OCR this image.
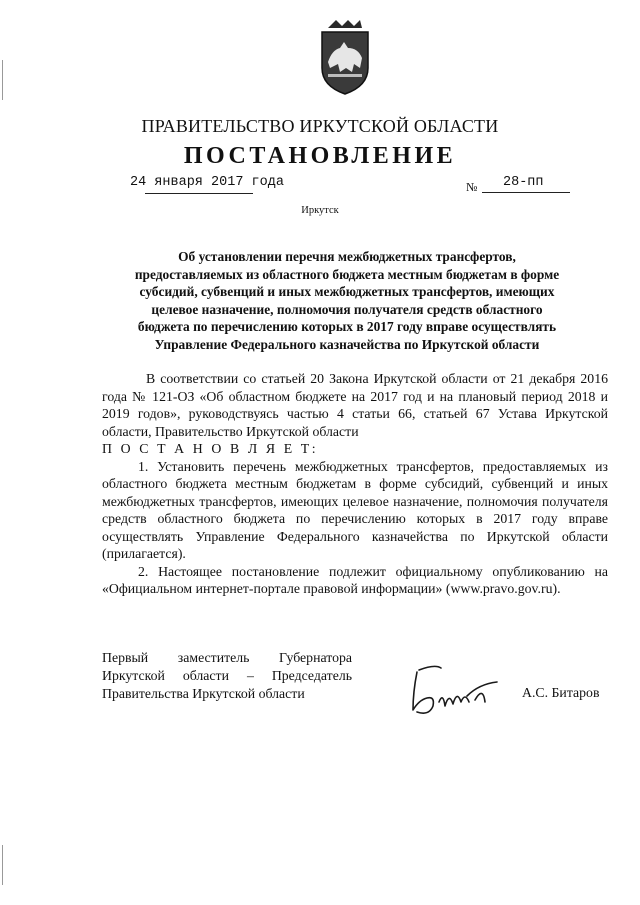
ПРАВИТЕЛЬСТВО ИРКУТСКОЙ ОБЛАСТИ
ПОСТАНОВЛЕНИЕ
24 января 2017 года	№ 28-пп
Иркутск
Об установлении перечня межбюджетных трансфертов,
предоставляемых из областного бюджета местным бюджетам в форме
субсидий, субвенций и иных межбюджетных трансфертов, имеющих
целевое назначение, полномочия получателя средств областного
бюджета по перечислению которых в 2017 году вправе осуществлять
Управление Федерального казначейства по Иркутской области

В соответствии со статьей 20 Закона Иркутской области от 21 декабря 2016 года № 121-ОЗ «Об областном бюджете на 2017 год и на плановый период 2018 и 2019 годов», руководствуясь частью 4 статьи 66, статьей 67 Устава Иркутской области, Правительство Иркутской области

П О С Т А Н О В Л Я Е Т:

1. Установить перечень межбюджетных трансфертов, предоставляемых из областного бюджета местным бюджетам в форме субсидий, субвенций и иных межбюджетных трансфертов, имеющих целевое назначение, полномочия получателя средств областного бюджета по перечислению которых в 2017 году вправе осуществлять Управление Федерального казначейства по Иркутской области (прилагается).

2. Настоящее постановление подлежит официальному опубликованию на «Официальном интернет-портале правовой информации» (www.pravo.gov.ru).

Первый заместитель Губернатора
Иркутской области – Председатель
Правительства Иркутской области	А.С. Битаров
